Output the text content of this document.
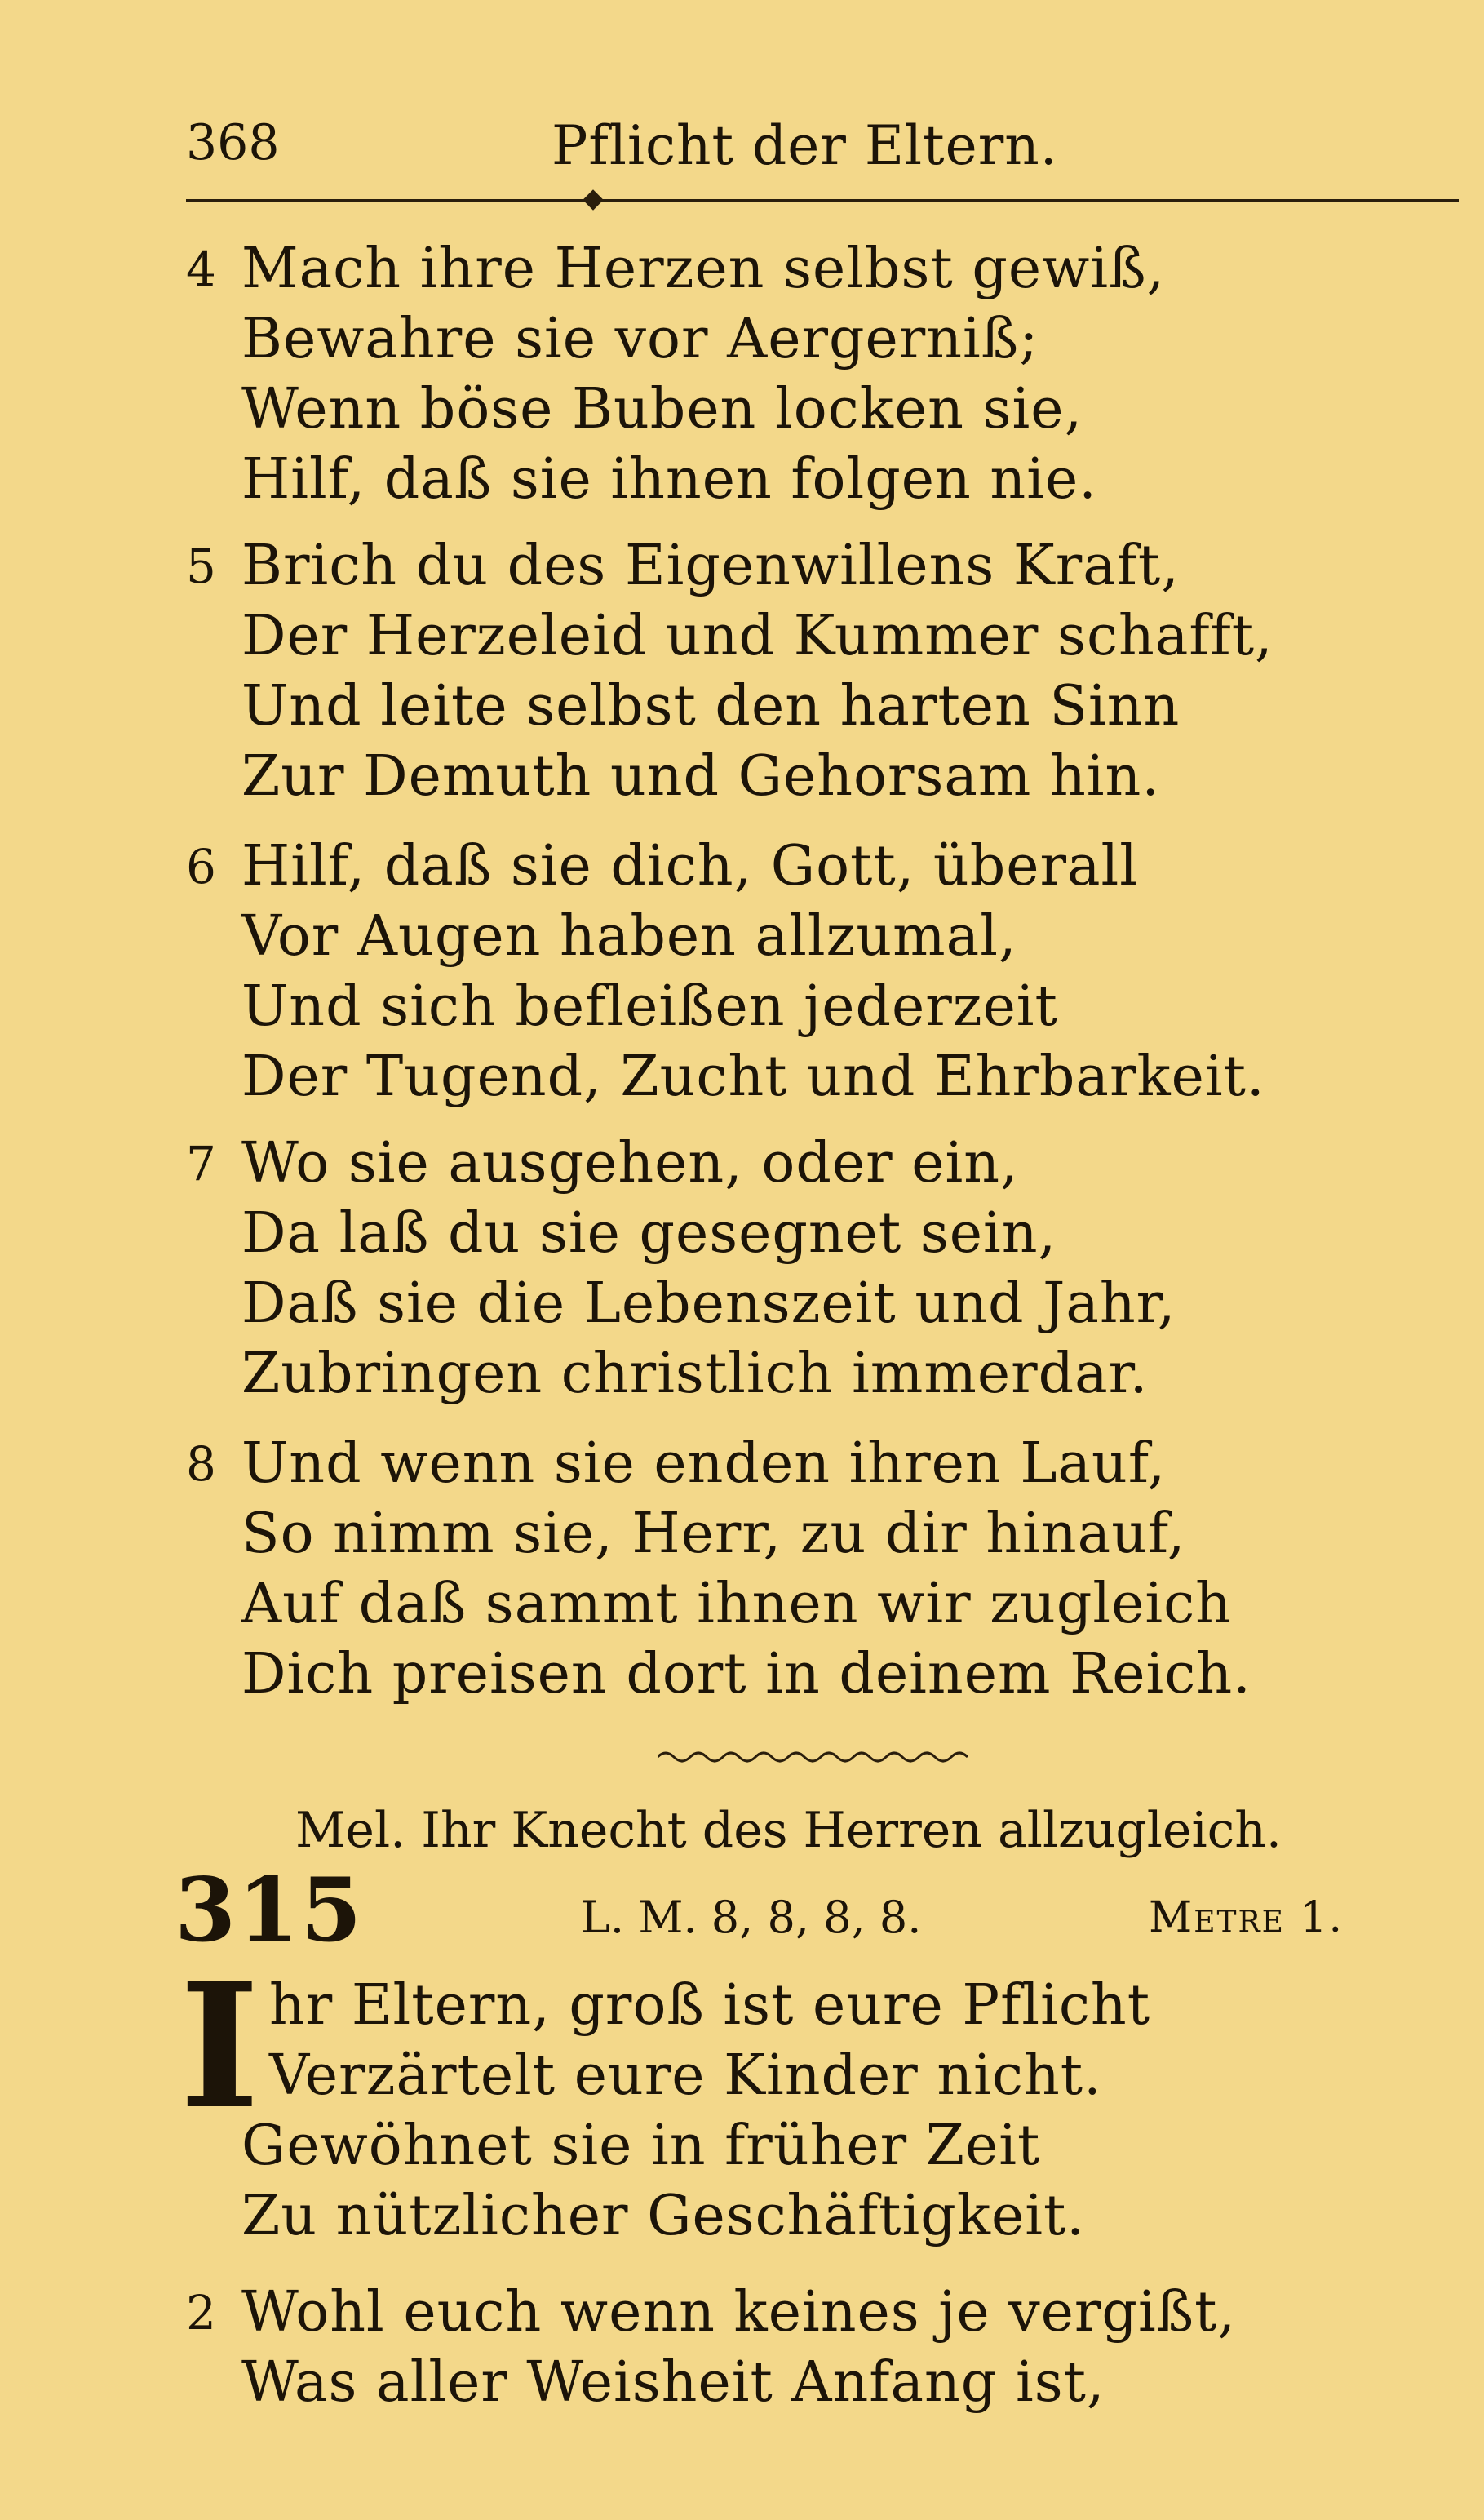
368	Pflicht der Eltern.
4 Mach ihre Herzen selbst gewiß,
Bewahre sie vor Aergerniß;
Wenn böse Buben locken sie,
Hilf, daß sie ihnen folgen nie.
5 Brich du des Eigenwillens Kraft,
Der Herzeleid und Kummer schafft,
Und leite selbst den harten Sinn
Zur Demuth und Gehorsam hin.
6 Hilf, daß sie dich, Gott, überall
Vor Augen haben allzumal,
Und sich befleißen jederzeit
Der Tugend, Zucht und Ehrbarkeit.
7 Wo sie ausgehen, oder ein,
Da laß du sie gesegnet sein,
Daß sie die Lebenszeit und Jahr,
Zubringen christlich immerdar.
8 Und wenn sie enden ihren Lauf,
So nimm sie, Herr, zu dir hinauf,
Auf daß sammt ihnen wir zugleich
Dich preisen dort in deinem Reich.
Mel. Ihr Knecht des Herren allzugleich.
315	L. M. 8, 8, 8, 8.	Metre 1.
I hr Eltern, groß ist eure Pflicht
Verzärtelt eure Kinder nicht.
Gewöhnet sie in früher Zeit
Zu nützlicher Geschäftigkeit.
2 Wohl euch wenn keines je vergißt,
Was aller Weisheit Anfang ist,
